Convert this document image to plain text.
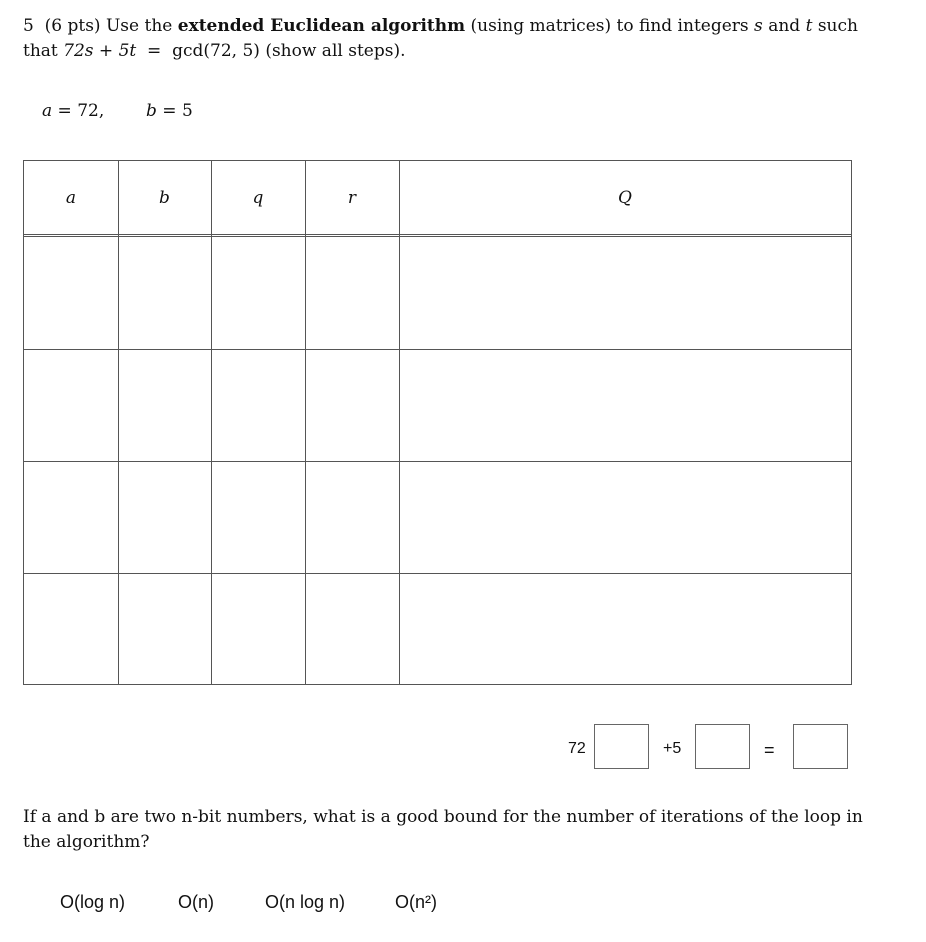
5 (6 pts) Use the extended Euclidean algorithm (using matrices) to find integers s and t such
that 72s + 5t = gcd(72, 5) (show all steps).
a = 72, b = 5
a	b	q	r	Q
72	+5	=
If a and b are two n-bit numbers, what is a good bound for the number of iterations of the loop in
the algorithm?
O(log n)	O(n)	O(n log n)	O(n²)
